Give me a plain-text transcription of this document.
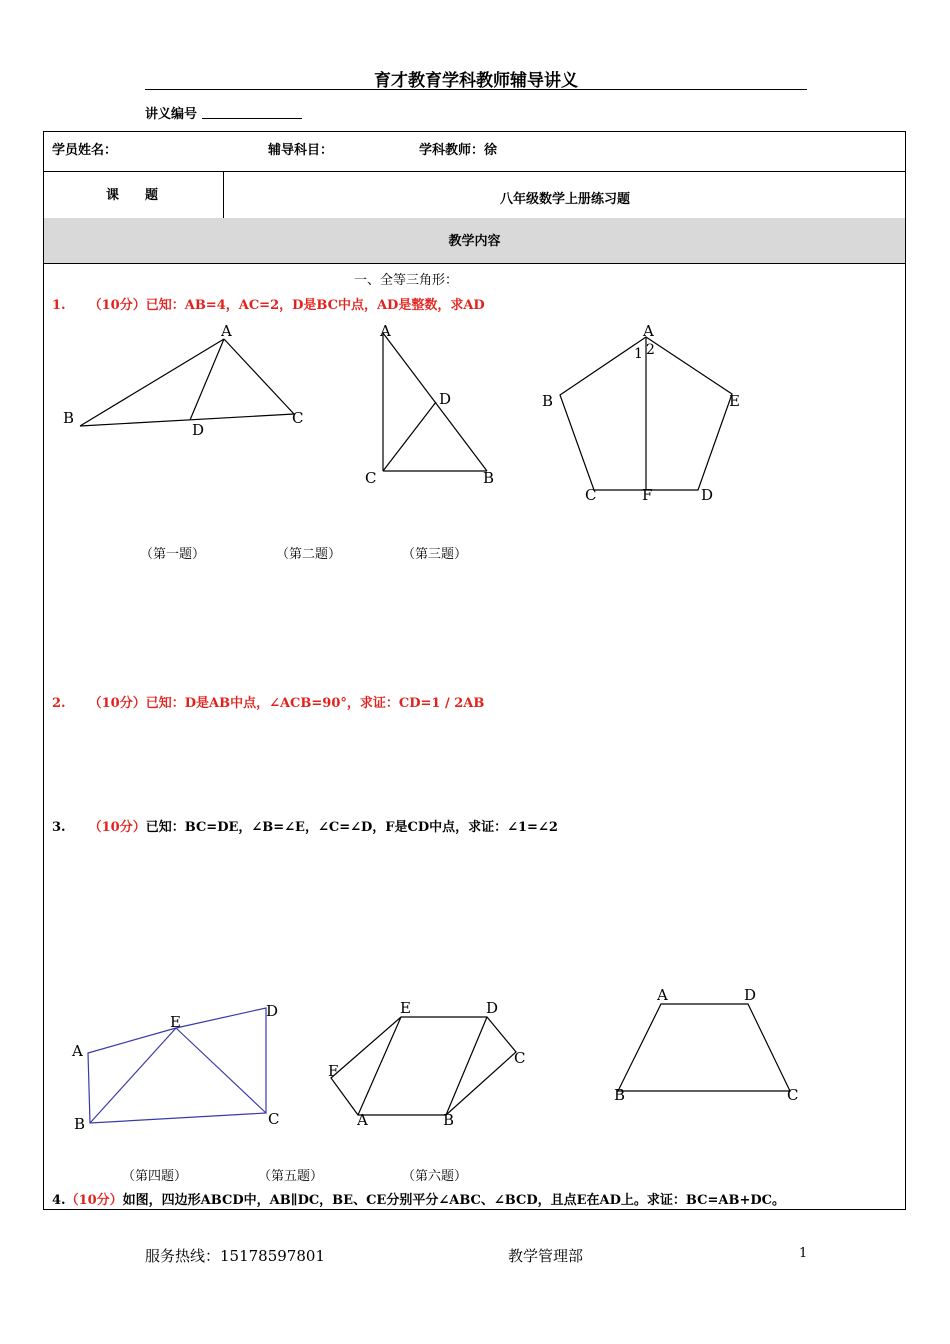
育才教育学科教师辅导讲义
讲义编号
学员姓名：	辅导科目：	学科教师：徐
课　　题	八年级数学上册练习题
教学内容
一、全等三角形：
1. （10分）已知：AB=4，AC=2，D是BC中点，AD是整数，求AD
A
B
D
C
A
D
C	B
A
1 2
B	E
C	F	D
A
E
D
B	C
E	D
F
C
A	B
A	D
B	C
（第一题）	（第二题）	（第三题）
2. （10分）已知：D是AB中点，∠ACB=90°，求证：CD=1 / 2AB
3. （10分）已知：BC=DE，∠B=∠E，∠C=∠D，F是CD中点，求证：∠1=∠2
（第四题）	（第五题）	（第六题）
4.（10分）如图，四边形ABCD中，AB∥DC，BE、CE分别平分∠ABC、∠BCD，且点E在AD上。求证：BC=AB+DC。
服务热线：15178597801	教学管理部	1
